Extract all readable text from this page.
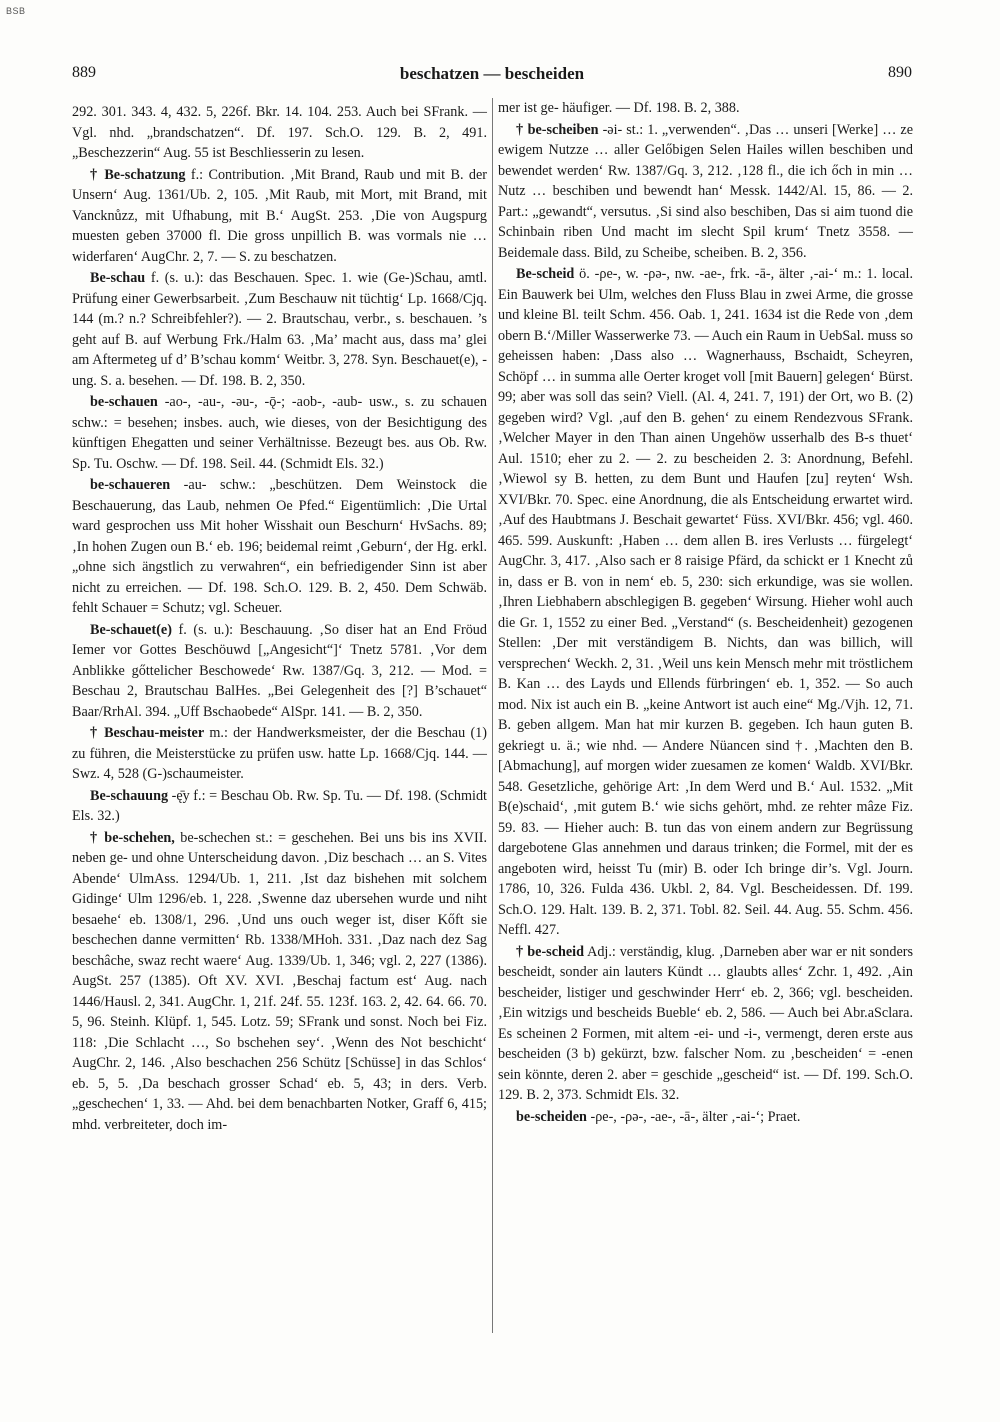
BSB
889	beschatzen — bescheiden	890

292. 301. 343. 4, 432. 5, 226f. Bkr. 14. 104. 253. Auch bei SFrank. — Vgl. nhd. „brandschatzen“. Df. 197. Sch.O. 129. B. 2, 491. „Beschezzerin“ Aug. 55 ist Beschliesserin zu lesen.

† Be-schatzung f.: Contribution. ‚Mit Brand, Raub und mit B. der Unsern‘ Aug. 1361/Ub. 2, 105. ‚Mit Raub, mit Mort, mit Brand, mit Vancknůzz, mit Ufhabung, mit B.‘ AugSt. 253. ‚Die von Augspurg muesten geben 37000 fl. Die gross unpillich B. was vormals nie … widerfaren‘ AugChr. 2, 7. — S. zu beschatzen.

Be-schau f. (s. u.): das Beschauen. Spec. 1. wie (Ge-)Schau, amtl. Prüfung einer Gewerbsarbeit. ‚Zum Beschauw nit tüchtig‘ Lp. 1668/Cjq. 144 (m.? n.? Schreibfehler?). — 2. Brautschau, verbr., s. beschauen. ’s geht auf B. auf Werbung Frk./Halm 63. ‚Ma’ macht aus, dass ma’ glei am Aftermeteg uf d’ B’schau komm‘ Weitbr. 3, 278. Syn. Beschauet(e), -ung. S. a. besehen. — Df. 198. B. 2, 350.

be-schauen -ao-, -au-, -əu-, -ǭ-; -aob-, -aub- usw., s. zu schauen schw.: = besehen; insbes. auch, wie dieses, von der Besichtigung des künftigen Ehegatten und seiner Verhältnisse. Bezeugt bes. aus Ob. Rw. Sp. Tu. Oschw. — Df. 198. Seil. 44. (Schmidt Els. 32.)

be-schaueren -au- schw.: „beschützen. Dem Weinstock die Beschauerung, das Laub, nehmen Oe Pfed.“ Eigentümlich: ‚Die Urtal ward gesprochen uss Mit hoher Wisshait oun Beschurn‘ HvSachs. 89; ‚In hohen Zugen oun B.‘ eb. 196; beidemal reimt ‚Geburn‘, der Hg. erkl. „ohne sich ängstlich zu verwahren“, ein befriedigender Sinn ist aber nicht zu erreichen. — Df. 198. Sch.O. 129. B. 2, 450. Dem Schwäb. fehlt Schauer = Schutz; vgl. Scheuer.

Be-schauet(e) f. (s. u.): Beschauung. ‚So diser hat an End Fröud Iemer vor Gottes Beschöuwd [„Angesicht“]‘ Tnetz 5781. ‚Vor dem Anblikke gőttelicher Beschowede‘ Rw. 1387/Gq. 3, 212. — Mod. = Beschau 2, Brautschau BalHes. „Bei Gelegenheit des [?] B’schauet“ Baar/RrhAl. 394. „Uff Bschaobede“ AlSpr. 141. — B. 2, 350.

† Beschau-meister m.: der Handwerksmeister, der die Beschau (1) zu führen, die Meisterstücke zu prüfen usw. hatte Lp. 1668/Cjq. 144. — Swz. 4, 528 (G-)schaumeister.

Be-schauung -ę̄y f.: = Beschau Ob. Rw. Sp. Tu. — Df. 198. (Schmidt Els. 32.)

† be-schehen, be-schechen st.: = geschehen. Bei uns bis ins XVII. neben ge- und ohne Unterscheidung davon. ‚Diz beschach … an S. Vites Abende‘ UlmAss. 1294/Ub. 1, 211. ‚Ist daz bishehen mit solchem Gidinge‘ Ulm 1296/eb. 1, 228. ‚Swenne daz ubersehen wurde und niht besaehe‘ eb. 1308/1, 296. ‚Und uns ouch weger ist, diser Kőft sie beschechen danne vermitten‘ Rb. 1338/MHoh. 331. ‚Daz nach dez Sag beschâche, swaz recht waere‘ Aug. 1339/Ub. 1, 346; vgl. 2, 227 (1386). AugSt. 257 (1385). Oft XV. XVI. ‚Beschaj factum est‘ Aug. nach 1446/Hausl. 2, 341. AugChr. 1, 21f. 24f. 55. 123f. 163. 2, 42. 64. 66. 70. 5, 96. Steinh. Klüpf. 1, 545. Lotz. 59; SFrank und sonst. Noch bei Fiz. 118: ‚Die Schlacht …, So bschehen sey‘. ‚Wenn des Not beschicht‘ AugChr. 2, 146. ‚Also beschachen 256 Schütz [Schüsse] in das Schlos‘ eb. 5, 5. ‚Da beschach grosser Schad‘ eb. 5, 43; in ders. Verb. „geschechen‘ 1, 33. — Ahd. bei dem benachbarten Notker, Graff 6, 415; mhd. verbreiteter, doch im-

mer ist ge- häufiger. — Df. 198. B. 2, 388.

† be-scheiben -əi- st.: 1. „verwenden“. ‚Das … unseri [Werke] … ze ewigem Nutzze … aller Gelőbigen Selen Hailes willen beschiben und bewendet werden‘ Rw. 1387/Gq. 3, 212. ‚128 fl., die ich őch in min … Nutz … beschiben und bewendt han‘ Messk. 1442/Al. 15, 86. — 2. Part.: „gewandt“, versutus. ‚Si sind also beschiben, Das si aim tuond die Schinbain riben Und macht im slecht Spil krum‘ Tnetz 3558. — Beidemale dass. Bild, zu Scheibe, scheiben. B. 2, 356.

Be-scheid ö. -ρe-, w. -ρə-, nw. -ae-, frk. -ā-, älter ‚-ai-‘ m.: 1. local. Ein Bauwerk bei Ulm, welches den Fluss Blau in zwei Arme, die grosse und kleine Bl. teilt Schm. 456. Oab. 1, 241. 1634 ist die Rede von ‚dem obern B.‘/Miller Wasserwerke 73. — Auch ein Raum in UebSal. muss so geheissen haben: ‚Dass also … Wagnerhauss, Bschaidt, Scheyren, Schöpf … in summa alle Oerter kroget voll [mit Bauern] gelegen‘ Bürst. 99; aber was soll das sein? Viell. (Al. 4, 241. 7, 191) der Ort, wo B. (2) gegeben wird? Vgl. ‚auf den B. gehen‘ zu einem Rendezvous SFrank. ‚Welcher Mayer in den Than ainen Ungehöw usserhalb des B-s thuet‘ Aul. 1510; eher zu 2. — 2. zu bescheiden 2. 3: Anordnung, Befehl. ‚Wiewol sy B. hetten, zu dem Bunt und Haufen [zu] reyten‘ Wsh. XVI/Bkr. 70. Spec. eine Anordnung, die als Entscheidung erwartet wird. ‚Auf des Haubtmans J. Beschait gewartet‘ Füss. XVI/Bkr. 456; vgl. 460. 465. 599. Auskunft: ‚Haben … dem allen B. ires Verlusts … fürgelegt‘ AugChr. 3, 417. ‚Also sach er 8 raisige Pfärd, da schickt er 1 Knecht zů in, dass er B. von in nem‘ eb. 5, 230: sich erkundige, was sie wollen. ‚Ihren Liebhabern abschlegigen B. gegeben‘ Wirsung. Hieher wohl auch die Gr. 1, 1552 zu einer Bed. „Verstand“ (s. Bescheidenheit) gezogenen Stellen: ‚Der mit verständigem B. Nichts, dan was billich, will versprechen‘ Weckh. 2, 31. ‚Weil uns kein Mensch mehr mit tröstlichem B. Kan … des Layds und Ellends fürbringen‘ eb. 1, 352. — So auch mod. Nix ist auch ein B. „keine Antwort ist auch eine“ Mg./Vjh. 12, 71. B. geben allgem. Man hat mir kurzen B. gegeben. Ich haun guten B. gekriegt u. ä.; wie nhd. — Andere Nüancen sind †. ‚Machten den B. [Abmachung], auf morgen wider zuesamen ze komen‘ Waldb. XVI/Bkr. 548. Gesetzliche, gehörige Art: ‚In dem Werd und B.‘ Aul. 1532. „Mit B(e)schaid‘, ‚mit gutem B.‘ wie sichs gehört, mhd. ze rehter mâze Fiz. 59. 83. — Hieher auch: B. tun das von einem andern zur Begrüssung dargebotene Glas annehmen und daraus trinken; die Formel, mit der es angeboten wird, heisst Tu (mir) B. oder Ich bringe dir’s. Vgl. Journ. 1786, 10, 326. Fulda 436. Ukbl. 2, 84. Vgl. Bescheidessen. Df. 199. Sch.O. 129. Halt. 139. B. 2, 371. Tobl. 82. Seil. 44. Aug. 55. Schm. 456. Neffl. 427.

† be-scheid Adj.: verständig, klug. ‚Darneben aber war er nit sonders bescheidt, sonder ain lauters Kündt … glaubts alles‘ Zchr. 1, 492. ‚Ain bescheider, listiger und geschwinder Herr‘ eb. 2, 366; vgl. bescheiden. ‚Ein witzigs und bescheids Bueble‘ eb. 2, 586. — Auch bei Abr.aSclara. Es scheinen 2 Formen, mit altem -ei- und -i-, vermengt, deren erste aus bescheiden (3 b) gekürzt, bzw. falscher Nom. zu ‚bescheiden‘ = -enen sein könnte, deren 2. aber = geschide „gescheid“ ist. — Df. 199. Sch.O. 129. B. 2, 373. Schmidt Els. 32.

be-scheiden -ρe-, -ρə-, -ae-, -ā-, älter ‚-ai-‘; Praet.
